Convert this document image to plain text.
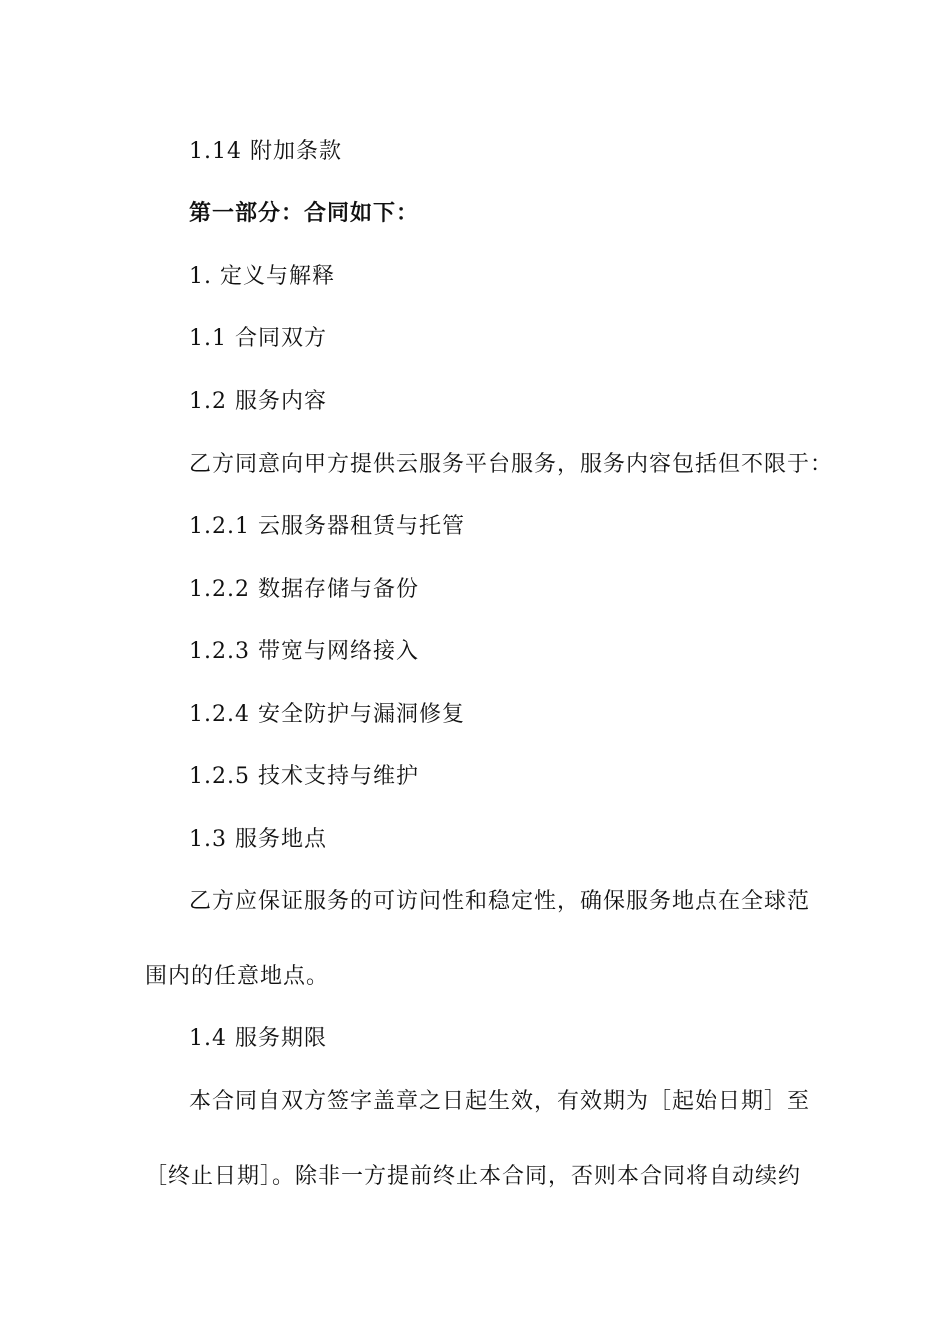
1.14 附加条款
第一部分：合同如下：
1. 定义与解释
1.1 合同双方
1.2 服务内容
乙方同意向甲方提供云服务平台服务，服务内容包括但不限于：
1.2.1 云服务器租赁与托管
1.2.2 数据存储与备份
1.2.3 带宽与网络接入
1.2.4 安全防护与漏洞修复
1.2.5 技术支持与维护
1.3 服务地点
乙方应保证服务的可访问性和稳定性，确保服务地点在全球范
围内的任意地点。
1.4 服务期限
本合同自双方签字盖章之日起生效，有效期为［起始日期］至
［终止日期］。除非一方提前终止本合同，否则本合同将自动续约
